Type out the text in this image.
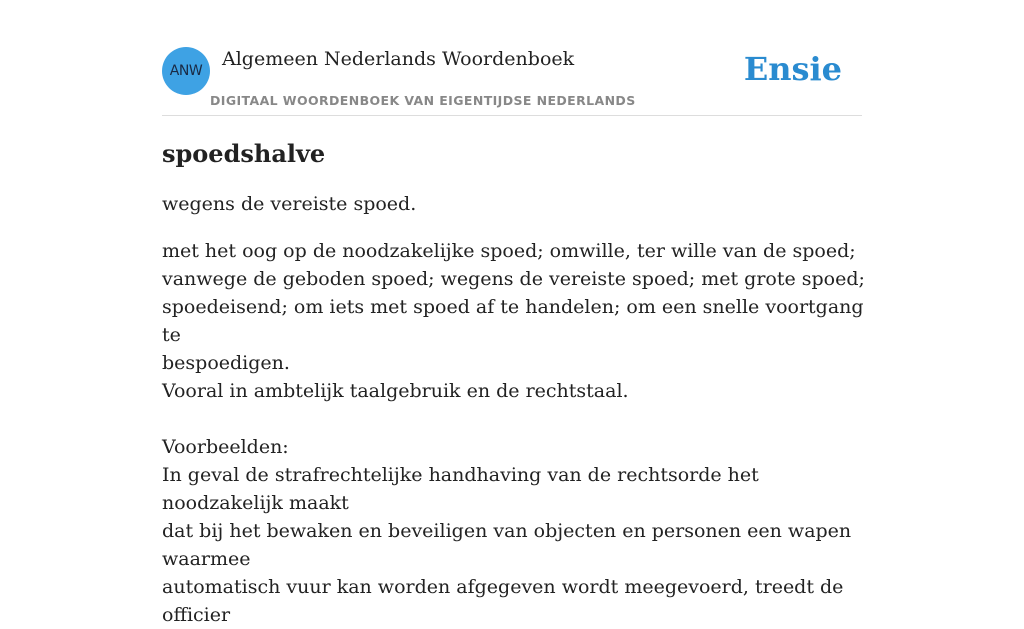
ANW
Algemeen Nederlands Woordenboek
DIGITAAL WOORDENBOEK VAN EIGENTIJDSE NEDERLANDS
Ensie
spoedshalve

wegens de vereiste spoed.

met het oog op de noodzakelijke spoed; omwille, ter wille van de spoed;
vanwege de geboden spoed; wegens de vereiste spoed; met grote spoed;
spoedeisend; om iets met spoed af te handelen; om een snelle voortgang te
bespoedigen.
Vooral in ambtelijk taalgebruik en de rechtstaal.
Voorbeelden:
In geval de strafrechtelijke handhaving van de rechtsorde het noodzakelijk maakt
dat bij het bewaken en beveiligen van objecten en personen een wapen waarmee
automatisch vuur kan worden afgegeven wordt meegevoerd, treedt de officier
